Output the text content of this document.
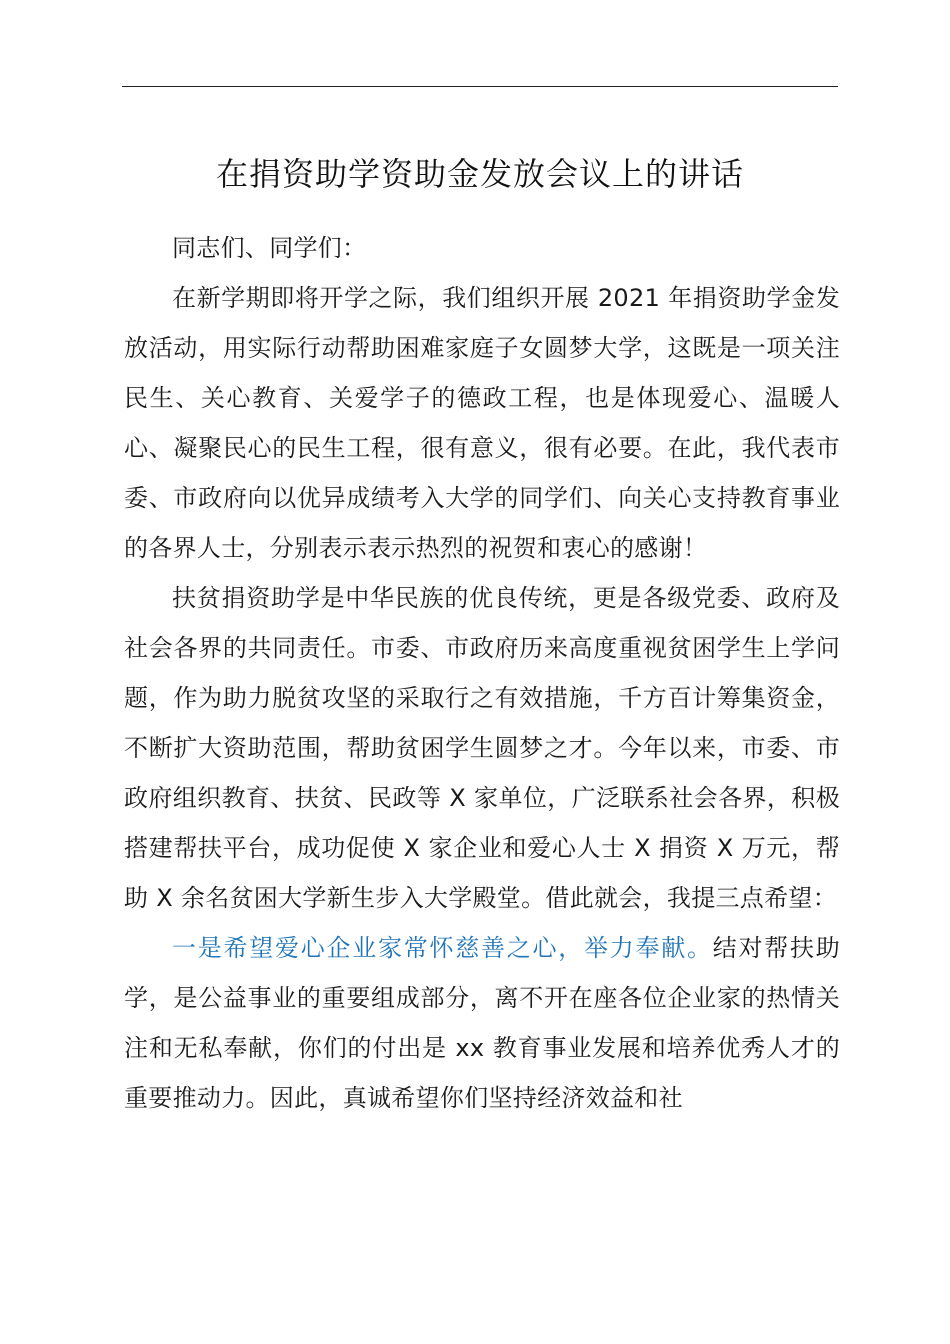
在捐资助学资助金发放会议上的讲话

同志们、同学们：

在新学期即将开学之际，我们组织开展 2021 年捐资助学金发放活动，用实际行动帮助困难家庭子女圆梦大学，这既是一项关注民生、关心教育、关爱学子的德政工程，也是体现爱心、温暖人心、凝聚民心的民生工程，很有意义，很有必要。在此，我代表市委、市政府向以优异成绩考入大学的同学们、向关心支持教育事业的各界人士，分别表示表示热烈的祝贺和衷心的感谢！

扶贫捐资助学是中华民族的优良传统，更是各级党委、政府及社会各界的共同责任。市委、市政府历来高度重视贫困学生上学问题，作为助力脱贫攻坚的采取行之有效措施，千方百计筹集资金，不断扩大资助范围，帮助贫困学生圆梦之才。今年以来，市委、市政府组织教育、扶贫、民政等 X 家单位，广泛联系社会各界，积极搭建帮扶平台，成功促使 X 家企业和爱心人士 X 捐资 X 万元，帮助 X 余名贫困大学新生步入大学殿堂。借此就会，我提三点希望：

一是希望爱心企业家常怀慈善之心，举力奉献。结对帮扶助学，是公益事业的重要组成部分，离不开在座各位企业家的热情关注和无私奉献，你们的付出是 xx 教育事业发展和培养优秀人才的重要推动力。因此，真诚希望你们坚持经济效益和社
